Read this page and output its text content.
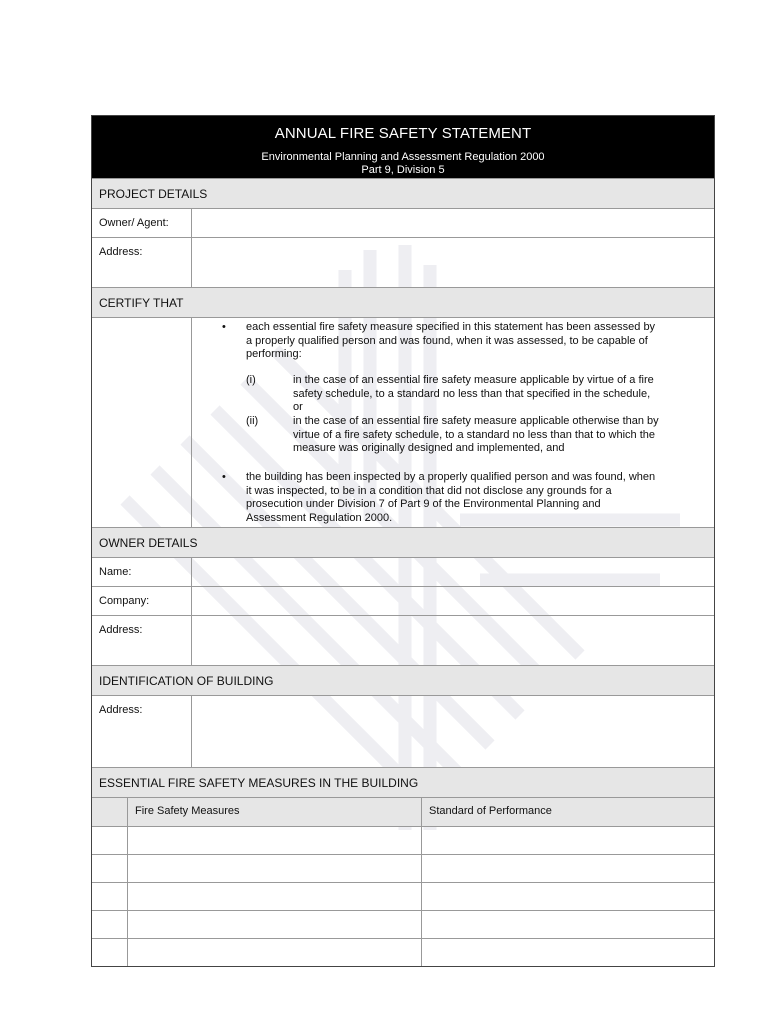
ANNUAL FIRE SAFETY STATEMENT
Environmental Planning and Assessment Regulation 2000
Part 9, Division 5
PROJECT DETAILS
Owner/ Agent:
Address:
CERTIFY THAT
• each essential fire safety measure specified in this statement has been assessed by
a properly qualified person and was found, when it was assessed, to be capable of
performing:
(i)	in the case of an essential fire safety measure applicable by virtue of a fire
safety schedule, to a standard no less than that specified in the schedule,
or
(ii)	in the case of an essential fire safety measure applicable otherwise than by
virtue of a fire safety schedule, to a standard no less than that to which the
measure was originally designed and implemented, and
• the building has been inspected by a properly qualified person and was found, when
it was inspected, to be in a condition that did not disclose any grounds for a
prosecution under Division 7 of Part 9 of the Environmental Planning and
Assessment Regulation 2000.
OWNER DETAILS
Name:
Company:
Address:
IDENTIFICATION OF BUILDING
Address:
ESSENTIAL FIRE SAFETY MEASURES IN THE BUILDING
Fire Safety Measures	Standard of Performance
